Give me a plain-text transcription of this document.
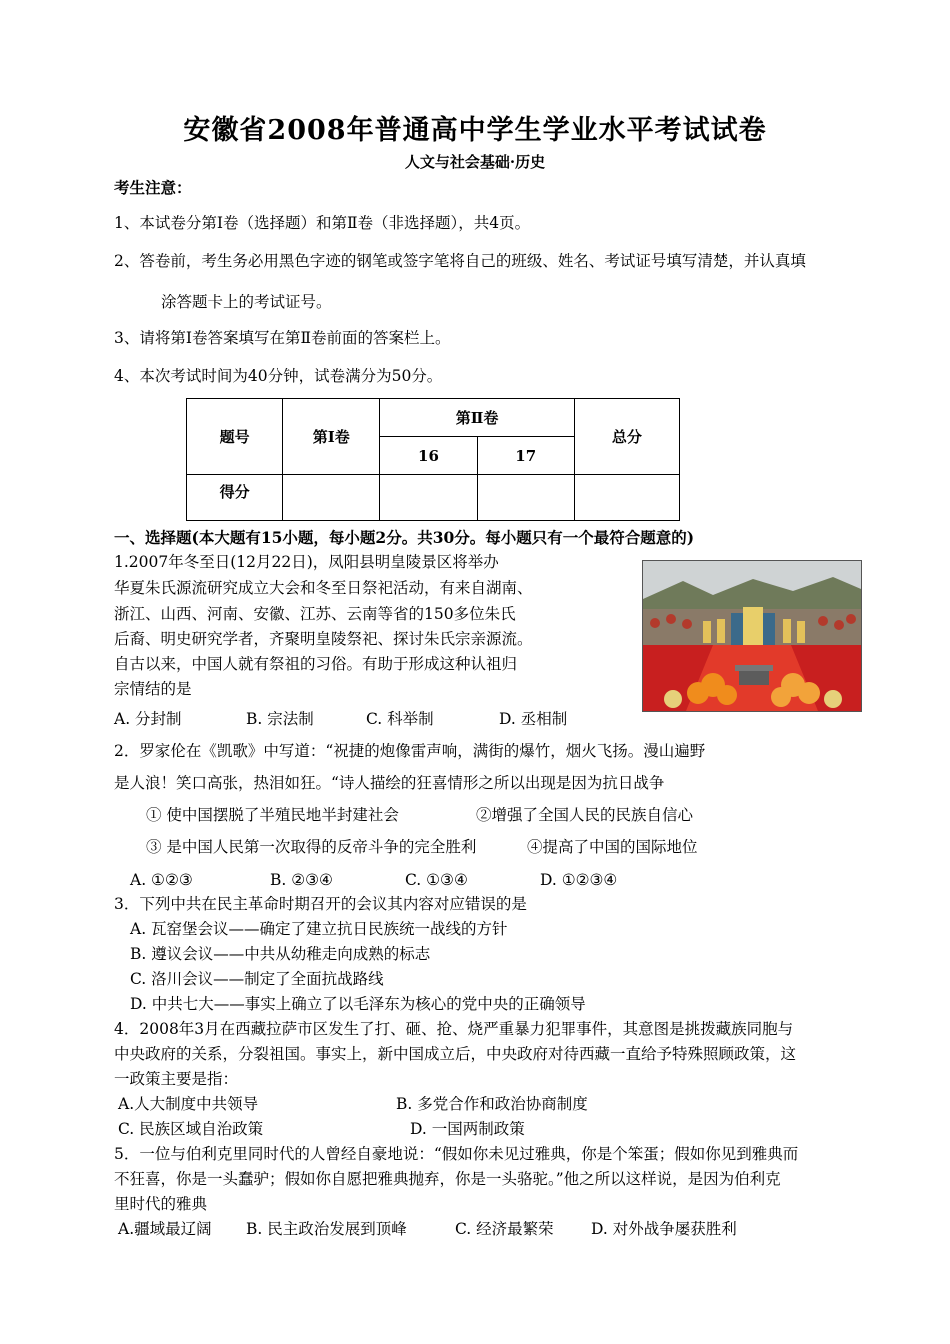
安徽省2008年普通高中学生学业水平考试试卷
人文与社会基础·历史
考生注意：
1、本试卷分第Ⅰ卷（选择题）和第Ⅱ卷（非选择题），共4页。
2、答卷前，考生务必用黑色字迹的钢笔或签字笔将自己的班级、姓名、考试证号填写清楚，并认真填
涂答题卡上的考试证号。
3、请将第Ⅰ卷答案填写在第Ⅱ卷前面的答案栏上。
4、本次考试时间为40分钟，试卷满分为50分。
题号	第Ⅰ卷	第Ⅱ卷		总分
		16	17	
得分				
一、选择题(本大题有15小题，每小题2分。共30分。每小题只有一个最符合题意的)
1.2007年冬至日(12月22日)，凤阳县明皇陵景区将举办
华夏朱氏源流研究成立大会和冬至日祭祀活动，有来自湖南、
浙江、山西、河南、安徽、江苏、云南等省的150多位朱氏
后裔、明史研究学者，齐聚明皇陵祭祀、探讨朱氏宗亲源流。
自古以来，中国人就有祭祖的习俗。有助于形成这种认祖归
宗情结的是
A. 分封制	B. 宗法制	C. 科举制	D. 丞相制
2．罗家伦在《凯歌》中写道：“祝捷的炮像雷声响，满街的爆竹，烟火飞扬。漫山遍野
是人浪！笑口高张，热泪如狂。“诗人描绘的狂喜情形之所以出现是因为抗日战争
① 使中国摆脱了半殖民地半封建社会	②增强了全国人民的民族自信心
③ 是中国人民第一次取得的反帝斗争的完全胜利	④提高了中国的国际地位
A. ①②③	B. ②③④	C. ①③④	D. ①②③④
3．下列中共在民主革命时期召开的会议其内容对应错误的是
A. 瓦窑堡会议——确定了建立抗日民族统一战线的方针
B. 遵议会议——中共从幼稚走向成熟的标志
C. 洛川会议——制定了全面抗战路线
D. 中共七大——事实上确立了以毛泽东为核心的党中央的正确领导
4．2008年3月在西藏拉萨市区发生了打、砸、抢、烧严重暴力犯罪事件，其意图是挑拨藏族同胞与
中央政府的关系，分裂祖国。事实上，新中国成立后，中央政府对待西藏一直给予特殊照顾政策，这
一政策主要是指：
A.人大制度中共领导	B. 多党合作和政治协商制度
C. 民族区域自治政策	D. 一国两制政策
5．一位与伯利克里同时代的人曾经自豪地说：“假如你未见过雅典，你是个笨蛋；假如你见到雅典而
不狂喜，你是一头蠢驴；假如你自愿把雅典抛弃，你是一头骆驼。”他之所以这样说，是因为伯利克
里时代的雅典
A.疆域最辽阔 B. 民主政治发展到顶峰	C. 经济最繁荣 D. 对外战争屡获胜利
